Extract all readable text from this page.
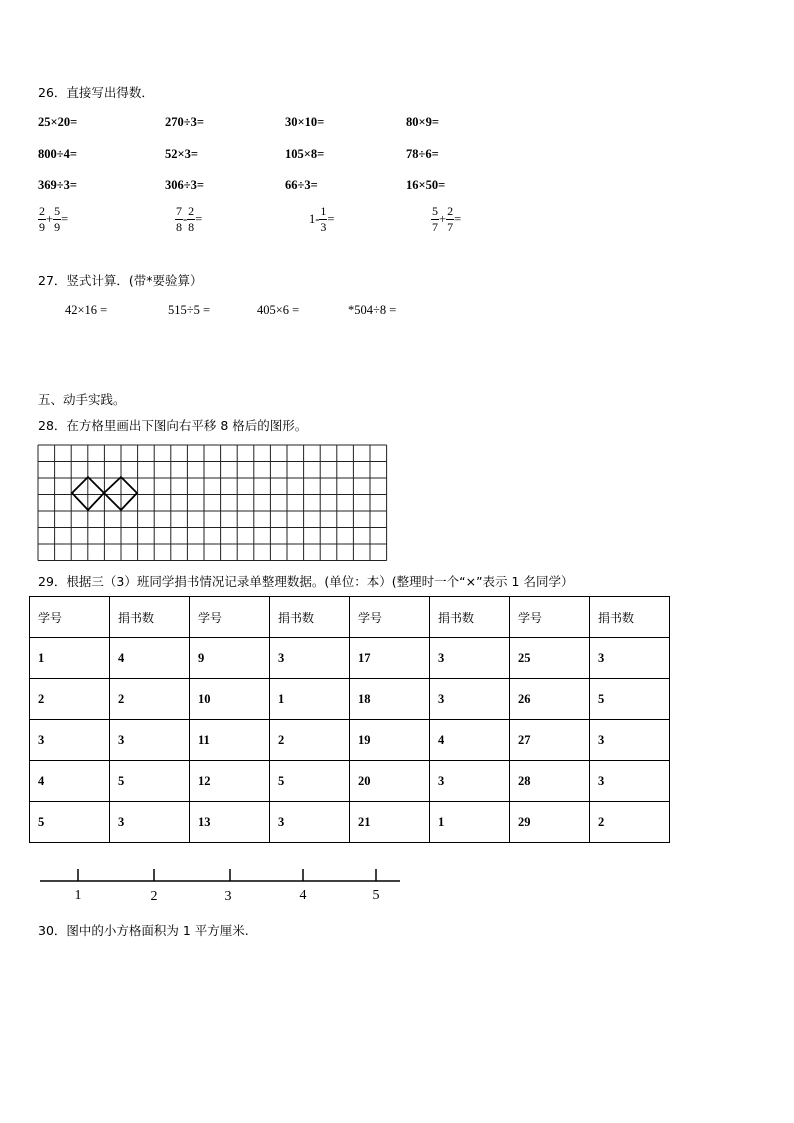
26．直接写出得数．
25×20=	270÷3=	30×10=	80×9=
800÷4=	52×3=	105×8=	78÷6=
369÷3=	306÷3=	66÷3=	16×50=
$\frac{2}{9} + \frac{5}{9}$ =	$\frac{7}{8} - \frac{2}{8}$ =	$1- \frac{1}{3}$ =	$\frac{5}{7} + \frac{2}{7}$ =
27．竖式计算．(带*要验算）
42×16 =	515÷5 =	405×6 =	*504÷8 =
五、动手实践。
28．在方格里画出下图向右平移 8 格后的图形。
29．根据三（3）班同学捐书情况记录单整理数据。(单位：本）(整理时一个“×”表示 1 名同学）
学号	捐书数	学号	捐书数	学号	捐书数	学号	捐书数
1	4	9	3	17	3	25	3
2	2	10	1	18	3	26	5
3	3	11	2	19	4	27	3
4	5	12	5	20	3	28	3
5	3	13	3	21	1	29	2
1	2	3	4	5
30．图中的小方格面积为 1 平方厘米.
